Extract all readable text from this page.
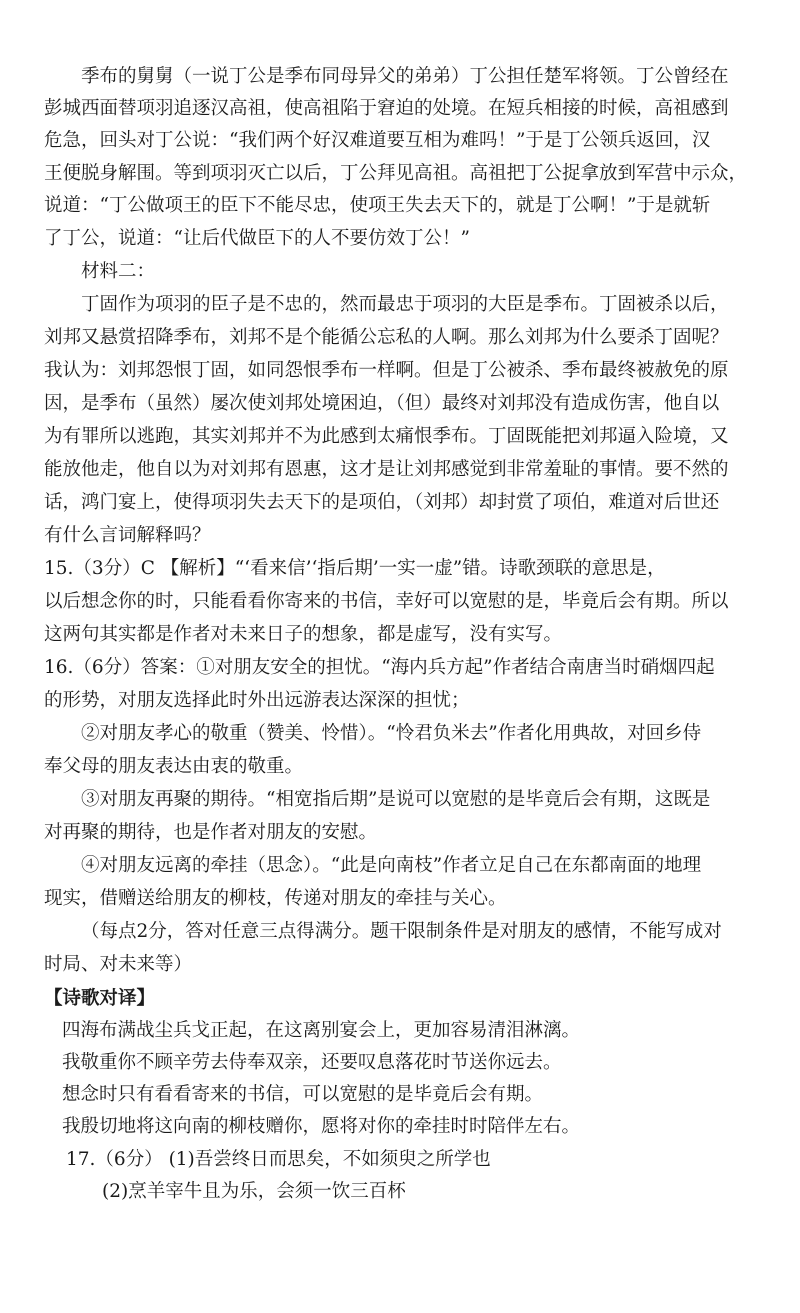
季布的舅舅（一说丁公是季布同母异父的弟弟）丁公担任楚军将领。丁公曾经在
彭城西面替项羽追逐汉高祖，使高祖陷于窘迫的处境。在短兵相接的时候，高祖感到
危急，回头对丁公说：“我们两个好汉难道要互相为难吗！”于是丁公领兵返回，汉
王便脱身解围。等到项羽灭亡以后，丁公拜见高祖。高祖把丁公捉拿放到军营中示众，
说道：“丁公做项王的臣下不能尽忠，使项王失去天下的，就是丁公啊！”于是就斩
了丁公，说道：“让后代做臣下的人不要仿效丁公！”
材料二：
丁固作为项羽的臣子是不忠的，然而最忠于项羽的大臣是季布。丁固被杀以后，
刘邦又悬赏招降季布，刘邦不是个能循公忘私的人啊。那么刘邦为什么要杀丁固呢？
我认为：刘邦怨恨丁固，如同怨恨季布一样啊。但是丁公被杀、季布最终被赦免的原
因，是季布（虽然）屡次使刘邦处境困迫，（但）最终对刘邦没有造成伤害，他自以
为有罪所以逃跑，其实刘邦并不为此感到太痛恨季布。丁固既能把刘邦逼入险境，又
能放他走，他自以为对刘邦有恩惠，这才是让刘邦感觉到非常羞耻的事情。要不然的
话，鸿门宴上，使得项羽失去天下的是项伯，（刘邦）却封赏了项伯，难道对后世还
有什么言词解释吗？
15.（3分）C 【解析】“‘看来信’‘指后期’一实一虚”错。诗歌颈联的意思是，
以后想念你的时，只能看看你寄来的书信，幸好可以宽慰的是，毕竟后会有期。所以
这两句其实都是作者对未来日子的想象，都是虚写，没有实写。
16.（6分）答案：①对朋友安全的担忧。“海内兵方起”作者结合南唐当时硝烟四起
的形势，对朋友选择此时外出远游表达深深的担忧；
②对朋友孝心的敬重（赞美、怜惜）。“怜君负米去”作者化用典故，对回乡侍
奉父母的朋友表达由衷的敬重。
③对朋友再聚的期待。“相宽指后期”是说可以宽慰的是毕竟后会有期，这既是
对再聚的期待，也是作者对朋友的安慰。
④对朋友远离的牵挂（思念）。“此是向南枝”作者立足自己在东都南面的地理
现实，借赠送给朋友的柳枝，传递对朋友的牵挂与关心。
（每点2分，答对任意三点得满分。题干限制条件是对朋友的感情，不能写成对
时局、对未来等）
【诗歌对译】
四海布满战尘兵戈正起，在这离别宴会上，更加容易清泪淋漓。
我敬重你不顾辛劳去侍奉双亲，还要叹息落花时节送你远去。
想念时只有看看寄来的书信，可以宽慰的是毕竟后会有期。
我殷切地将这向南的柳枝赠你，愿将对你的牵挂时时陪伴左右。
17.（6分） (1)吾尝终日而思矣，不如须臾之所学也
(2)烹羊宰牛且为乐，会须一饮三百杯
